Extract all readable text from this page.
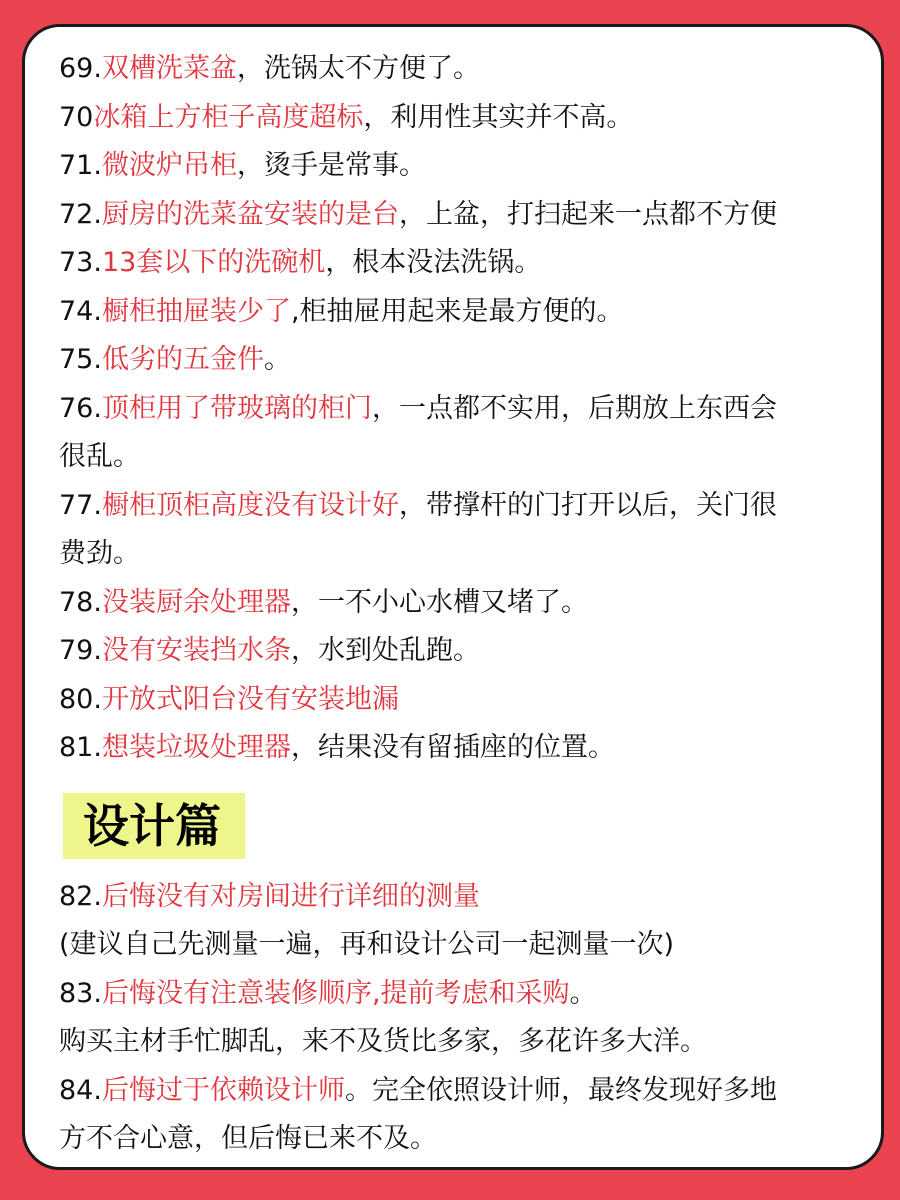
69.双槽洗菜盆，洗锅太不方便了。
70冰箱上方柜子高度超标，利用性其实并不高。
71.微波炉吊柜，烫手是常事。
72.厨房的洗菜盆安装的是台，上盆，打扫起来一点都不方便
73.13套以下的洗碗机，根本没法洗锅。
74.橱柜抽屉装少了,柜抽屉用起来是最方便的。
75.低劣的五金件。
76.顶柜用了带玻璃的柜门，一点都不实用，后期放上东西会
很乱。
77.橱柜顶柜高度没有设计好，带撑杆的门打开以后，关门很
费劲。
78.没装厨余处理器，一不小心水槽又堵了。
79.没有安装挡水条，水到处乱跑。
80.开放式阳台没有安装地漏
81.想装垃圾处理器，结果没有留插座的位置。
设计篇
82.后悔没有对房间进行详细的测量
(建议自己先测量一遍，再和设计公司一起测量一次)
83.后悔没有注意装修顺序,提前考虑和采购。
购买主材手忙脚乱，来不及货比多家，多花许多大洋。
84.后悔过于依赖设计师。完全依照设计师，最终发现好多地
方不合心意，但后悔已来不及。
